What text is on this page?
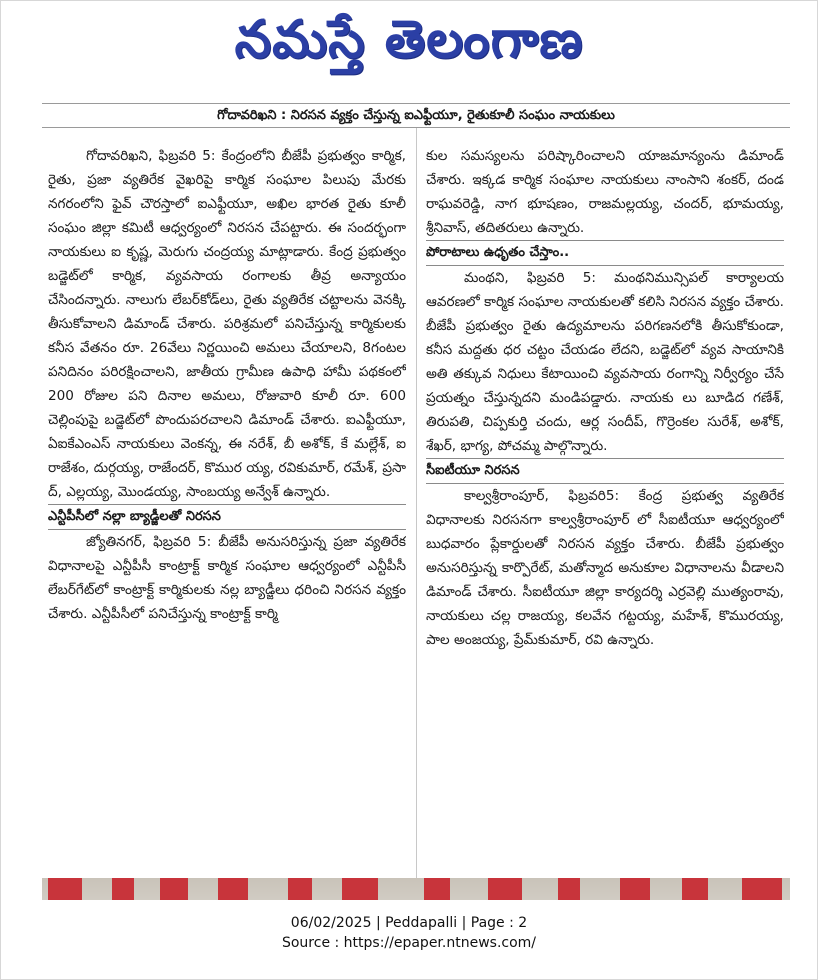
నమస్తే తెలంగాణ
గోదావరిఖని : నిరసన వ్యక్తం చేస్తున్న ఐఎఫ్టీయూ, రైతుకూలీ సంఘం నాయకులు

గోదావరిఖని, ఫిబ్రవరి 5: కేంద్రంలోని బీజేపీ ప్రభుత్వం కార్మిక, రైతు, ప్రజా వ్యతిరేక వైఖరిపై కార్మిక సంఘాల పిలుపు మేరకు నగరంలోని ఫైవ్ చౌరస్తాలో ఐఎఫ్టీయూ, అఖిల భారత రైతు కూలీ సంఘం జిల్లా కమిటీ ఆధ్వర్యంలో నిరసన చేపట్టారు. ఈ సందర్భంగా నాయకులు ఐ కృష్ణ, మెరుగు చంద్రయ్య మాట్లాడారు. కేంద్ర ప్రభుత్వం బడ్జెట్‌లో కార్మిక, వ్యవసాయ రంగాలకు తీవ్ర అన్యాయం చేసిందన్నారు. నాలుగు లేబర్‌కోడ్‌లు, రైతు వ్యతిరేక చట్టాలను వెనక్కి తీసుకోవాలని డిమాండ్ చేశారు. పరిశ్రమలో పనిచేస్తున్న కార్మికులకు కనీస వేతనం రూ. 26వేలు నిర్ణయించి అమలు చేయాలని, 8గంటల పనిదినం పరిరక్షించాలని, జాతీయ గ్రామీణ ఉపాధి హామీ పథకంలో 200 రోజుల పని దినాల అమలు, రోజువారి కూలీ రూ. 600 చెల్లింపుపై బడ్జెట్‌లో పొందుపరచాలని డిమాండ్ చేశారు. ఐఎఫ్టీయూ, ఏఐకేఎంఎస్ నాయకులు వెంకన్న, ఈ నరేశ్, బీ అశోక్, కే మల్లేశ్, ఐ రాజేశం, దుర్గయ్య, రాజేందర్, కొముర య్య, రవికుమార్, రమేశ్, ప్రసా ద్, ఎల్లయ్య, మొండయ్య, సాంబయ్య అన్వేశ్ ఉన్నారు.

ఎన్టీపీసీలో నల్లా బ్యాడ్జీలతో నిరసన

జ్యోతినగర్, ఫిబ్రవరి 5: బీజేపీ అనుసరిస్తున్న ప్రజా వ్యతిరేక విధానాలపై ఎన్టీపీసీ కాంట్రాక్ట్ కార్మిక సంఘాల ఆధ్వర్యంలో ఎన్టీపీసీ లేబర్‌గేట్‌లో కాంట్రాక్ట్ కార్మికులకు నల్ల బ్యాడ్జీలు ధరించి నిరసన వ్యక్తం చేశారు. ఎన్టీపీసీలో పనిచేస్తున్న కాంట్రాక్ట్ కార్మి

కుల సమస్యలను పరిష్కారించాలని యాజమాన్యంను డిమాండ్ చేశారు. ఇక్కడ కార్మిక సంఘాల నాయకులు నాంసాని శంకర్, దండ రాఘవరెడ్డి, నాగ భూషణం, రాజమల్లయ్య, చందర్, భూమయ్య, శ్రీనివాస్, తదితరులు ఉన్నారు.

పోరాటాలు ఉధృతం చేస్తాం..

మంథని, ఫిబ్రవరి 5: మంథనిమున్సిపల్ కార్యాలయ ఆవరణలో కార్మిక సంఘాల నాయకులతో కలిసి నిరసన వ్యక్తం చేశారు. బీజేపీ ప్రభుత్వం రైతు ఉద్యమాలను పరిగణనలోకి తీసుకోకుండా, కనీస మద్దతు ధర చట్టం చేయడం లేదని, బడ్జెట్‌లో వ్యవ సాయానికి అతి తక్కువ నిధులు కేటాయించి వ్యవసాయ రంగాన్ని నిర్వీర్యం చేసే ప్రయత్నం చేస్తున్నదని మండిపడ్డారు. నాయకు లు బూడిద గణేశ్, తిరుపతి, చిప్పకుర్తి చందు, ఆర్ల సందీప్, గొర్రెంకల సురేశ్, అశోక్, శేఖర్, భాగ్య, పోచమ్మ పాల్గొన్నారు.

సీఐటీయూ నిరసన

కాల్వశ్రీరాంపూర్, ఫిబ్రవరి5: కేంద్ర ప్రభుత్వ వ్యతిరేక విధానాలకు నిరసనగా కాల్వశ్రీరాంపూర్ లో సీఐటీయూ ఆధ్వర్యంలో బుధవారం ప్లేకార్డులతో నిరసన వ్యక్తం చేశారు. బీజేపీ ప్రభుత్వం అనుసరిస్తున్న కార్పొరేట్, మతోన్మాద అనుకూల విధానాలను వీడాలని డిమాండ్ చేశారు. సీఐటీయూ జిల్లా కార్యదర్శి ఎర్రవెల్లి ముత్యంరావు, నాయకులు చల్ల రాజయ్య, కలవేన గట్టయ్య, మహేశ్, కొమురయ్య, పాల అంజయ్య, ప్రేమ్‌కుమార్, రవి ఉన్నారు.

06/02/2025 | Peddapalli | Page : 2
Source : https://epaper.ntnews.com/
